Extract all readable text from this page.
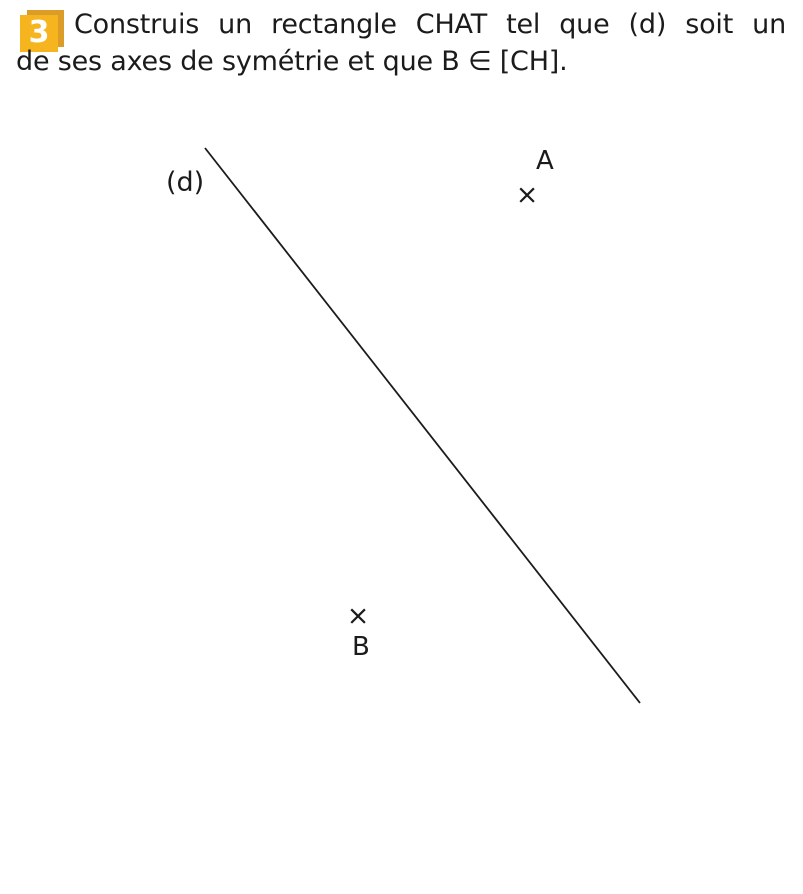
3 Construis un rectangle CHAT tel que (d) soit un
de ses axes de symétrie et que B ∈ [CH].
(d)	×
A
×
B
